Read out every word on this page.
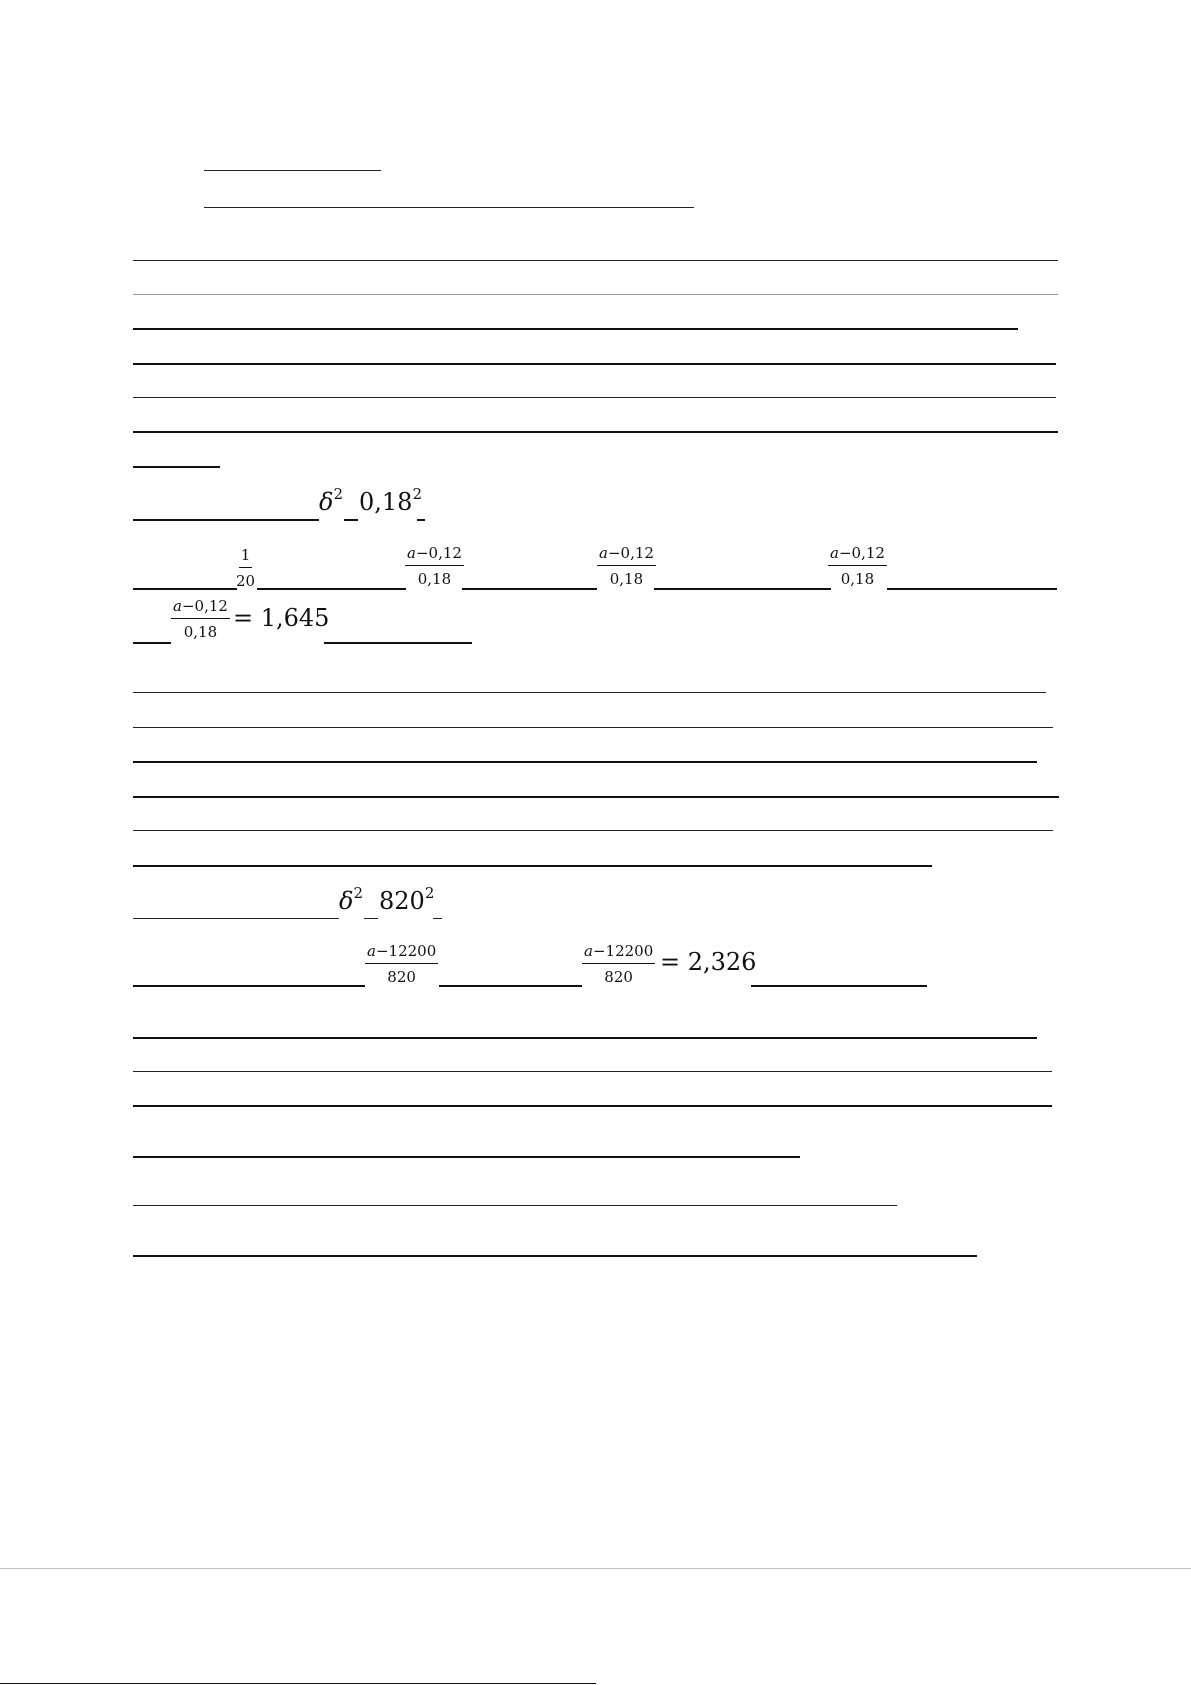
$\delta^2$ 0,18$^2$
$\frac{1}{20}$	$\frac{a-0,12}{0,18}$	$\frac{a-0,12}{0,18}$	$\frac{a-0,12}{0,18}$
$\frac{a-0,12}{0,18} = 1,645$
$\delta^2$ $820^2$
$\frac{a-12200}{820}$	$\frac{a-12200}{820} = 2,326$
